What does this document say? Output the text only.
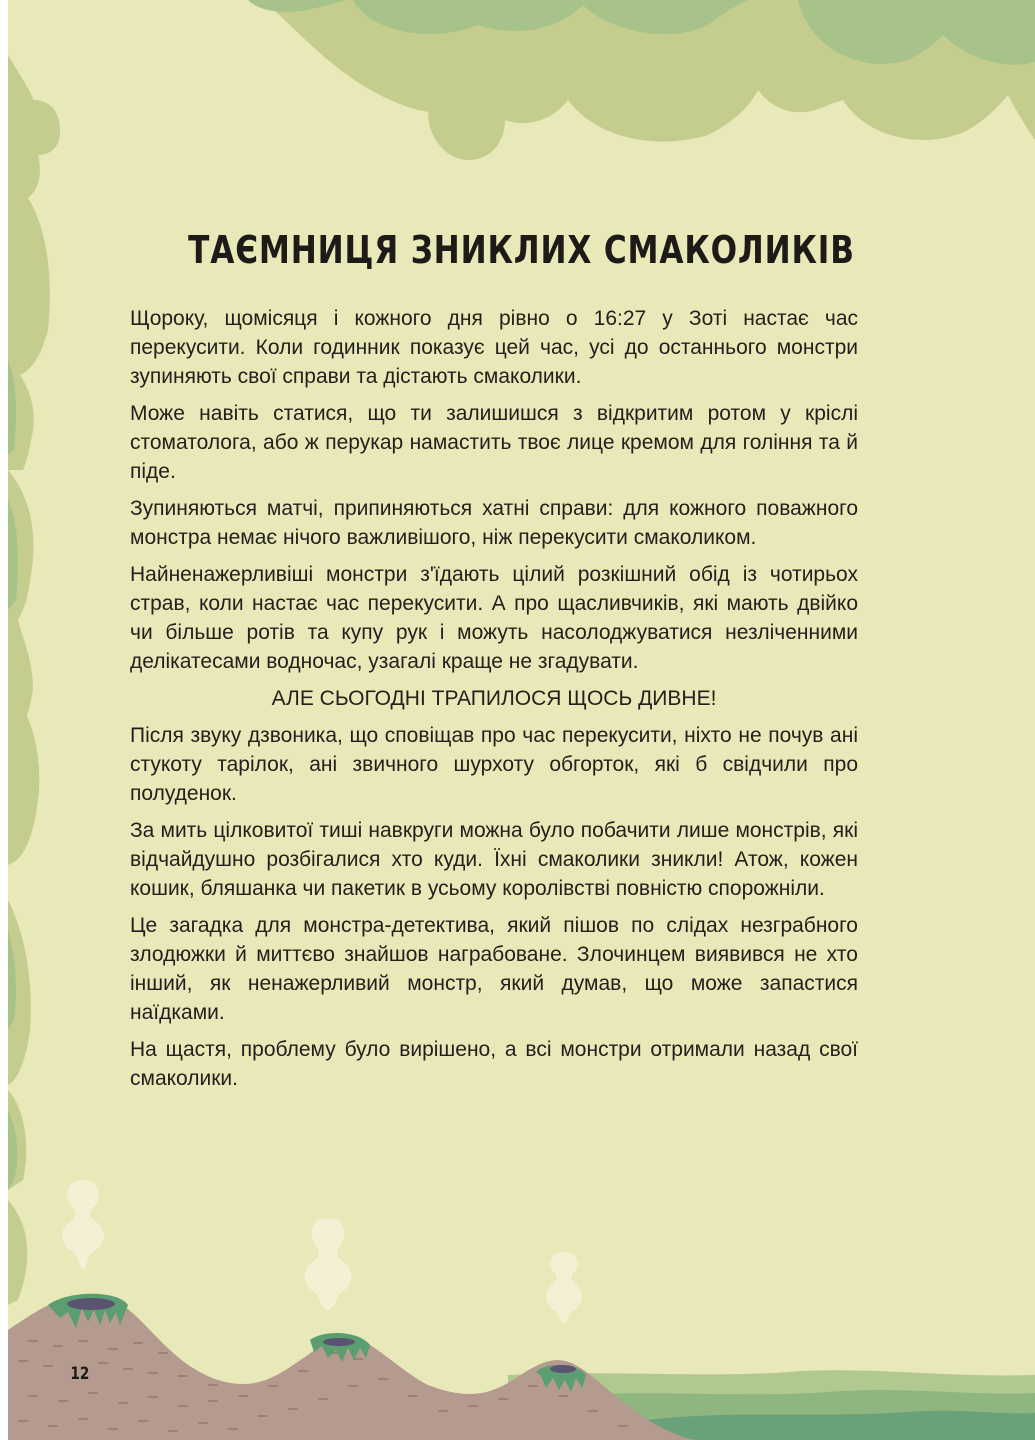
ТАЄМНИЦЯ ЗНИКЛИХ СМАКОЛИКІВ

Щороку, щомісяця і кожного дня рівно о 16:27 у Зоті настає час перекусити. Коли годинник показує цей час, усі до останнього монстри зупиняють свої справи та дістають смаколики.

Може навіть статися, що ти залишишся з відкритим ротом у кріслі стоматолога, або ж перукар намастить твоє лице кремом для гоління та й піде.

Зупиняються матчі, припиняються хатні справи: для кожного поважного монстра немає нічого важливішого, ніж перекусити смаколиком.

Найненажерливіші монстри з'їдають цілий розкішний обід із чотирьох страв, коли настає час перекусити. А про щасливчиків, які мають двійко чи більше ротів та купу рук і можуть насолоджуватися незліченними делікатесами водночас, узагалі краще не згадувати.

АЛЕ СЬОГОДНІ ТРАПИЛОСЯ ЩОСЬ ДИВНЕ!

Після звуку дзвоника, що сповіщав про час перекусити, ніхто не почув ані стукоту тарілок, ані звичного шурхоту обгорток, які б свідчили про полуденок.

За мить цілковитої тиші навкруги можна було побачити лише монстрів, які відчайдушно розбігалися хто куди. Їхні смаколики зникли! Атож, кожен кошик, бляшанка чи пакетик в усьому королівстві повністю спорожніли.

Це загадка для монстра-детектива, який пішов по слідах незграбного злодюжки й миттєво знайшов награбоване. Злочинцем виявився не хто інший, як ненажерливий монстр, який думав, що може запастися наїдками.

На щастя, проблему було вирішено, а всі монстри отримали назад свої смаколики.

12
